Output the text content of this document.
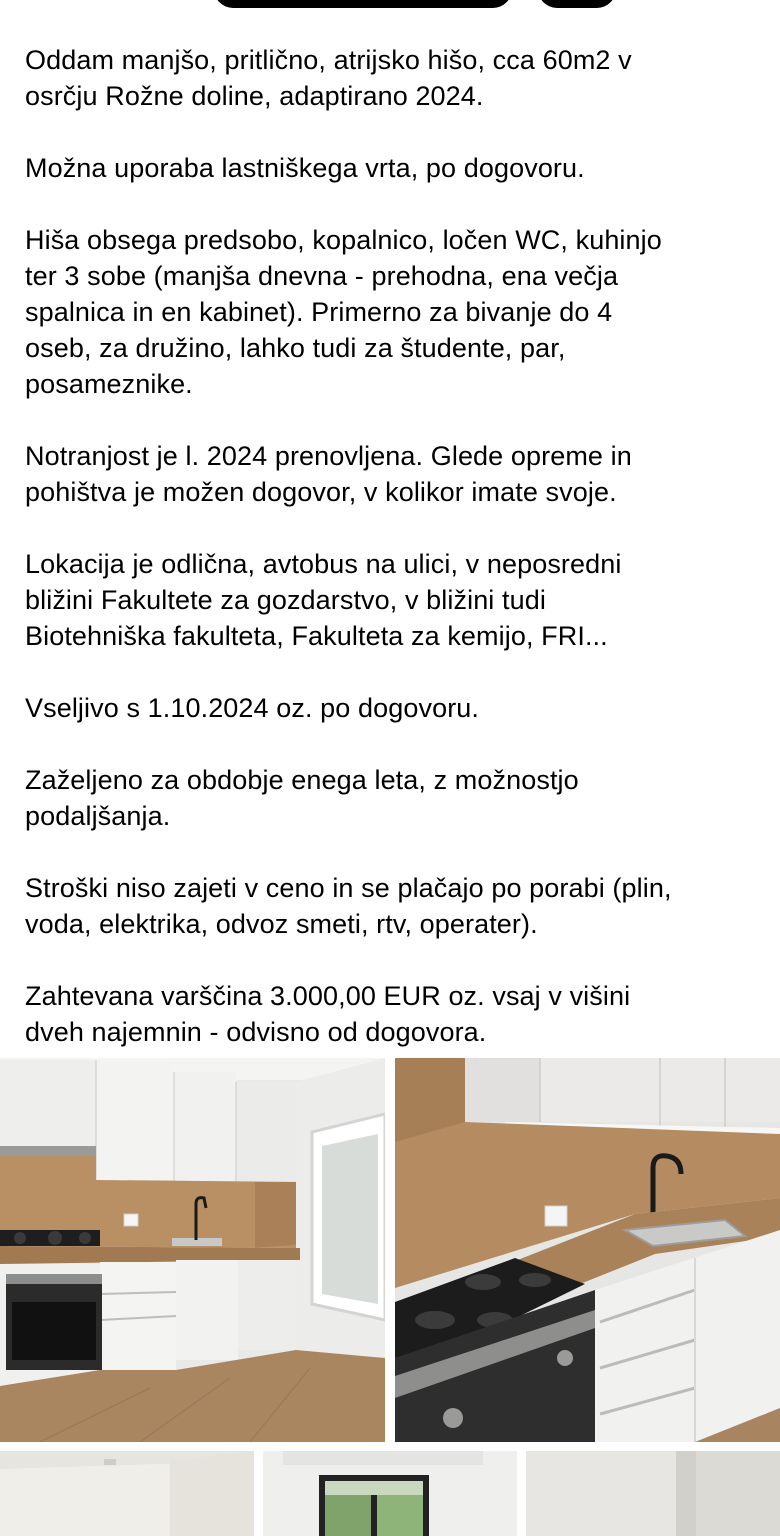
Oddam manjšo, pritlično, atrijsko hišo, cca 60m2 v
osrčju Rožne doline, adaptirano 2024.

Možna uporaba lastniškega vrta, po dogovoru.

Hiša obsega predsobo, kopalnico, ločen WC, kuhinjo
ter 3 sobe (manjša dnevna - prehodna, ena večja
spalnica in en kabinet). Primerno za bivanje do 4
oseb, za družino, lahko tudi za študente, par,
posameznike.

Notranjost je l. 2024 prenovljena. Glede opreme in
pohištva je možen dogovor, v kolikor imate svoje.

Lokacija je odlična, avtobus na ulici, v neposredni
bližini Fakultete za gozdarstvo, v bližini tudi
Biotehniška fakulteta, Fakulteta za kemijo, FRI...

Vseljivo s 1.10.2024 oz. po dogovoru.

Zaželjeno za obdobje enega leta, z možnostjo
podaljšanja.

Stroški niso zajeti v ceno in se plačajo po porabi (plin,
voda, elektrika, odvoz smeti, rtv, operater).

Zahtevana varščina 3.000,00 EUR oz. vsaj v višini
dveh najemnin - odvisno od dogovora.
